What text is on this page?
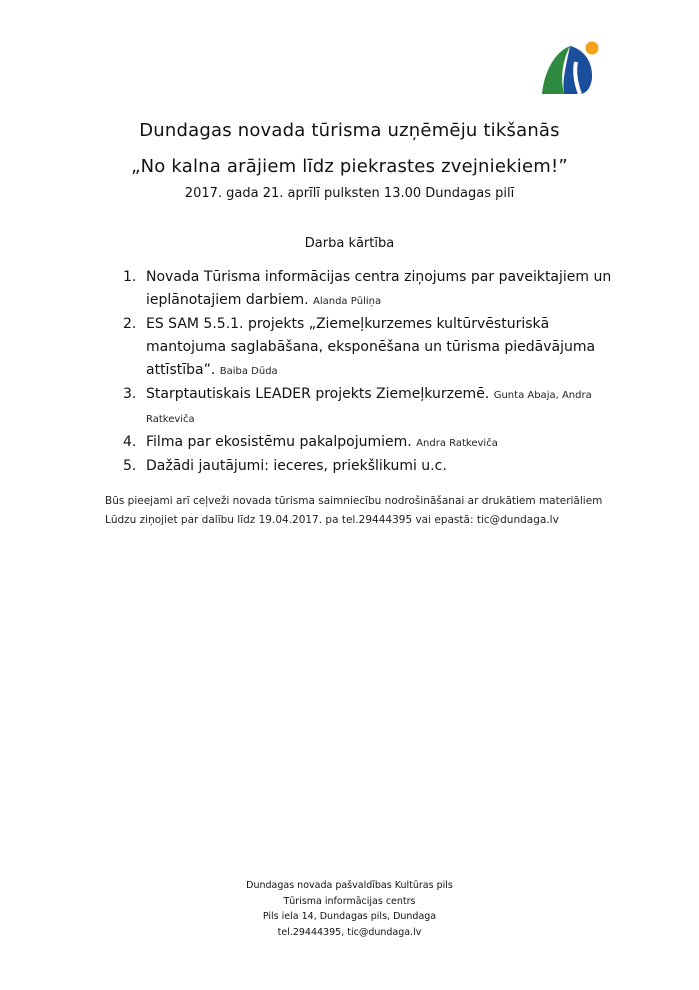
Dundagas novada tūrisma uzņēmēju tikšanās
„No kalna arājiem līdz piekrastes zvejniekiem!”
2017. gada 21. aprīlī pulksten 13.00 Dundagas pilī
Darba kārtība
1. Novada Tūrisma informācijas centra ziņojums par paveiktajiem un ieplānotajiem darbiem. Alanda Pūliņa
2. ES SAM 5.5.1. projekts „Ziemeļkurzemes kultūrvēsturiskā mantojuma saglabāšana, eksponēšana un tūrisma piedāvājuma attīstība”. Baiba Dūda
3. Starptautiskais LEADER projekts Ziemeļkurzemē. Gunta Abaja, Andra Ratkeviča
4. Filma par ekosistēmu pakalpojumiem. Andra Ratkeviča
5. Dažādi jautājumi: ieceres, priekšlikumi u.c.
Būs pieejami arī ceļveži novada tūrisma saimniecību nodrošināšanai ar drukātiem materiāliem
Lūdzu ziņojiet par dalību līdz 19.04.2017. pa tel.29444395 vai epastā: tic@dundaga.lv
Dundagas novada pašvaldības Kultūras pils
Tūrisma informācijas centrs
Pils iela 14, Dundagas pils, Dundaga
tel.29444395, tic@dundaga.lv
